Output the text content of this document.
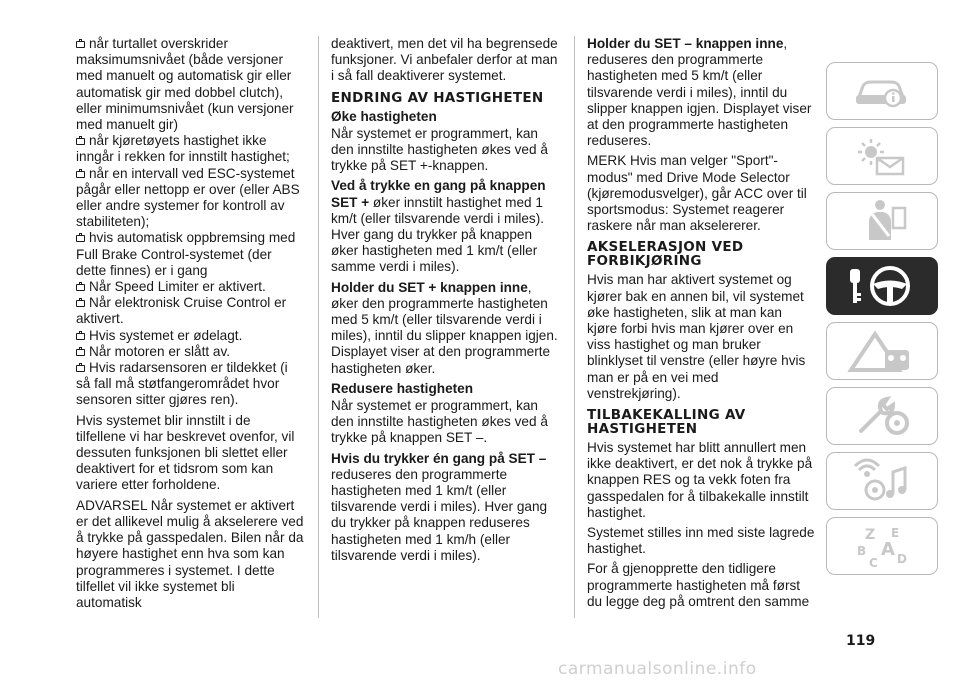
når turtallet overskrider maksimumsnivået (både versjoner med manuelt og automatisk gir eller automatisk gir med dobbel clutch), eller minimumsnivået (kun versjoner med manuelt gir)
når kjøretøyets hastighet ikke inngår i rekken for innstilt hastighet;
når en intervall ved ESC-systemet pågår eller nettopp er over (eller ABS eller andre systemer for kontroll av stabiliteten);
hvis automatisk oppbremsing med Full Brake Control-systemet (der dette finnes) er i gang
Når Speed Limiter er aktivert.
Når elektronisk Cruise Control er aktivert.
Hvis systemet er ødelagt.
Når motoren er slått av.
Hvis radarsensoren er tildekket (i så fall må støtfangerområdet hvor sensoren sitter gjøres ren).

Hvis systemet blir innstilt i de tilfellene vi har beskrevet ovenfor, vil dessuten funksjonen bli slettet eller deaktivert for et tidsrom som kan variere etter forholdene.

ADVARSEL Når systemet er aktivert er det allikevel mulig å akselerere ved å trykke på gasspedalen. Bilen når da høyere hastighet enn hva som kan programmeres i systemet. I dette tilfellet vil ikke systemet bli automatisk

deaktivert, men det vil ha begrensede funksjoner. Vi anbefaler derfor at man i så fall deaktiverer systemet.

ENDRING AV HASTIGHETEN
Øke hastigheten

Når systemet er programmert, kan den innstilte hastigheten økes ved å trykke på SET +-knappen.

Ved å trykke en gang på knappen SET + øker innstilt hastighet med 1 km/t (eller tilsvarende verdi i miles). Hver gang du trykker på knappen øker hastigheten med 1 km/t (eller samme verdi i miles).

Holder du SET + knappen inne, øker den programmerte hastigheten med 5 km/t (eller tilsvarende verdi i miles), inntil du slipper knappen igjen. Displayet viser at den programmerte hastigheten øker.

Redusere hastigheten

Når systemet er programmert, kan den innstilte hastigheten økes ved å trykke på knappen SET –.

Hvis du trykker én gang på SET – reduseres den programmerte hastigheten med 1 km/t (eller tilsvarende verdi i miles). Hver gang du trykker på knappen reduseres hastigheten med 1 km/h (eller tilsvarende verdi i miles).

Holder du SET – knappen inne, reduseres den programmerte hastigheten med 5 km/t (eller tilsvarende verdi i miles), inntil du slipper knappen igjen. Displayet viser at den programmerte hastigheten reduseres.

MERK Hvis man velger "Sport"-modus" med Drive Mode Selector (kjøremodusvelger), går ACC over til sportsmodus: Systemet reagerer raskere når man akselererer.

AKSELERASJON VED FORBIKJØRING

Hvis man har aktivert systemet og kjører bak en annen bil, vil systemet øke hastigheten, slik at man kan kjøre forbi hvis man kjører over en viss hastighet og man bruker blinklyset til venstre (eller høyre hvis man er på en vei med venstrekjøring).

TILBAKEKALLING AV HASTIGHETEN

Hvis systemet har blitt annullert men ikke deaktivert, er det nok å trykke på knappen RES og ta vekk foten fra gasspedalen for å tilbakekalle innstilt hastighet.

Systemet stilles inn med siste lagrede hastighet.

For å gjenopprette den tidligere programmerte hastigheten må først du legge deg på omtrent den samme

Z E
B A
C D
119
carmanualsonline.info
